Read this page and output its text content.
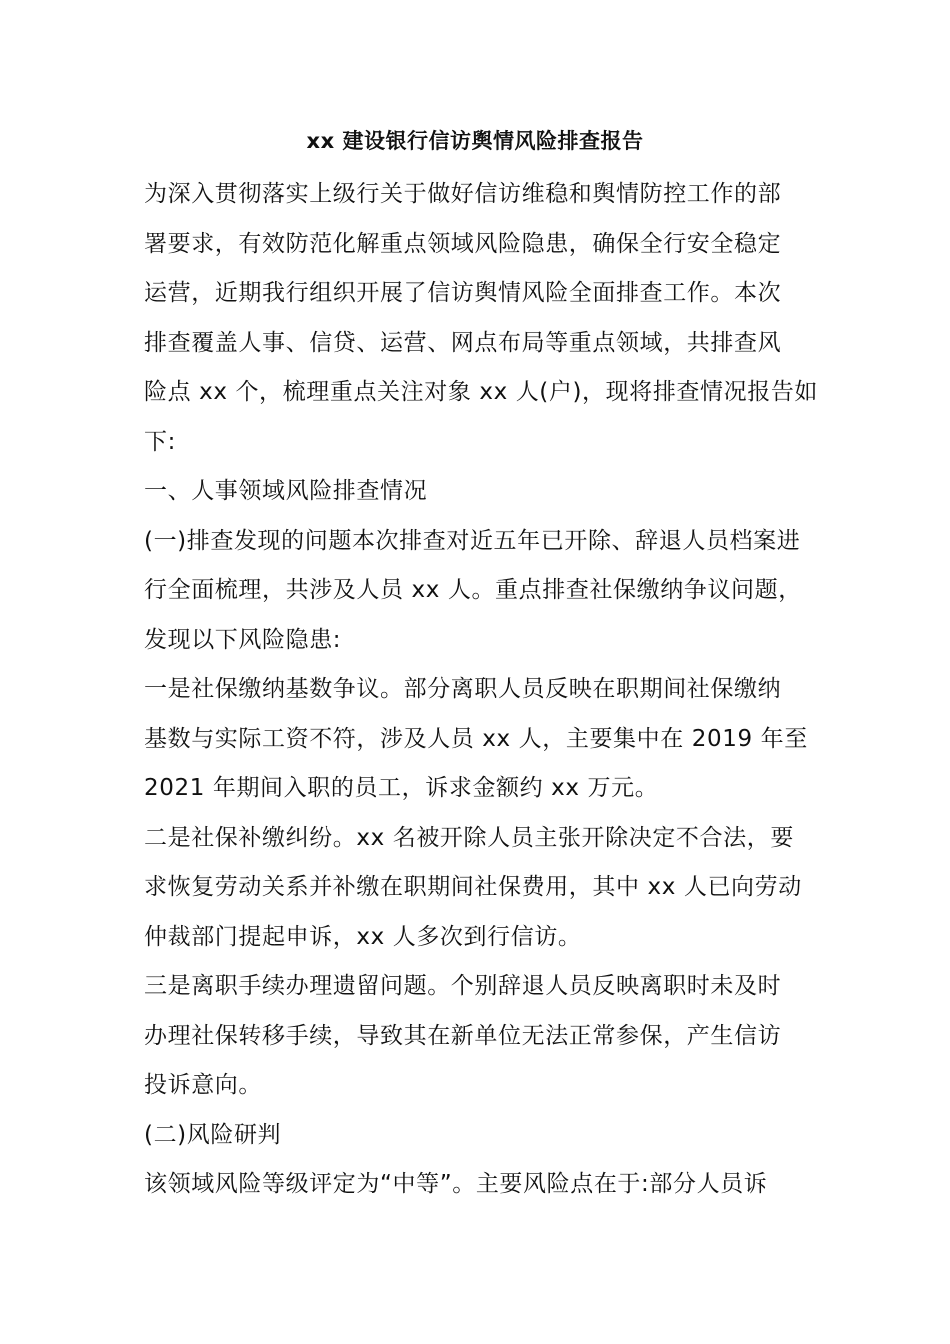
xx 建设银行信访舆情风险排查报告
为深入贯彻落实上级行关于做好信访维稳和舆情防控工作的部
署要求，有效防范化解重点领域风险隐患，确保全行安全稳定
运营，近期我行组织开展了信访舆情风险全面排查工作。本次
排查覆盖人事、信贷、运营、网点布局等重点领域，共排查风
险点 xx 个，梳理重点关注对象 xx 人(户)，现将排查情况报告如
下:
一、人事领域风险排查情况
(一)排查发现的问题本次排查对近五年已开除、辞退人员档案进
行全面梳理，共涉及人员 xx 人。重点排查社保缴纳争议问题，
发现以下风险隐患:
一是社保缴纳基数争议。部分离职人员反映在职期间社保缴纳
基数与实际工资不符，涉及人员 xx 人，主要集中在 2019 年至
2021 年期间入职的员工，诉求金额约 xx 万元。
二是社保补缴纠纷。xx 名被开除人员主张开除决定不合法，要
求恢复劳动关系并补缴在职期间社保费用，其中 xx 人已向劳动
仲裁部门提起申诉，xx 人多次到行信访。
三是离职手续办理遗留问题。个别辞退人员反映离职时未及时
办理社保转移手续，导致其在新单位无法正常参保，产生信访
投诉意向。
(二)风险研判
该领域风险等级评定为“中等”。主要风险点在于:部分人员诉
